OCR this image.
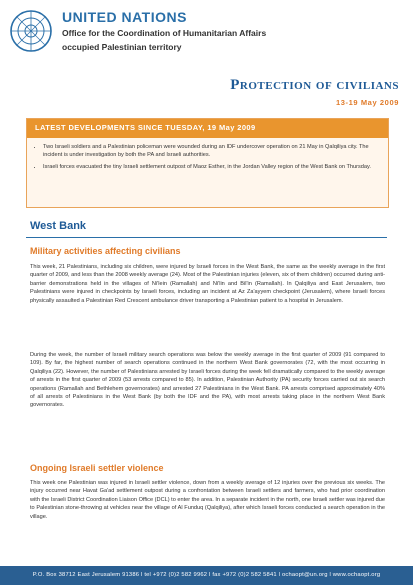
UNITED NATIONS
Office for the Coordination of Humanitarian Affairs
occupied Palestinian territory
Protection of civilians
13-19 May 2009
LATEST DEVELOPMENTS SINCE TUESDAY, 19 May 2009
• Two Israeli soldiers and a Palestinian policeman were wounded during an IDF undercover operation on 21 May in Qalqiliya city. The incident is under investigation by both the PA and Israeli authorities.
• Israeli forces evacuated the tiny Israeli settlement outpost of Maoz Esther, in the Jordan Valley region of the West Bank on Thursday.
West Bank
Military activities affecting civilians

This week, 21 Palestinians, including six children, were injured by Israeli forces in the West Bank, the same as the weekly average in the first quarter of 2009, and less than the 2008 weekly average (24). Most of the Palestinian injuries (eleven, six of them children) occurred during anti-barrier demonstrations held in the villages of Ni'lein (Ramallah) and Ni'lin and Bil'in (Ramallah). In Qalqiliya and East Jerusalem, two Palestinians were injured in checkpoints by Israeli forces, including an incident at Az Za'ayyem checkpoint (Jerusalem), where Israeli forces physically assaulted a Palestinian Red Crescent ambulance driver transporting a Palestinian patient to a hospital in Jerusalem.

During the week, the number of Israeli military search operations was below the weekly average in the first quarter of 2009 (91 compared to 109). By far, the highest number of search operations continued in the northern West Bank governorates (72, with the most occurring in Qalqiliya (22). However, the number of Palestinians arrested by Israeli forces during the week fell dramatically compared to the weekly average of arrests in the first quarter of 2009 (53 arrests compared to 85). In addition, Palestinian Authority (PA) security forces carried out six search operations (Ramallah and Bethlehem governorates) and arrested 27 Palestinians in the West Bank. PA arrests comprised approximately 40% of all arrests of Palestinians in the West Bank (by both the IDF and the PA), with most arrests taking place in the northern West Bank governorates.

Ongoing Israeli settler violence

This week one Palestinian was injured in Israeli settler violence, down from a weekly average of 12 injuries over the previous six weeks. The injury occurred near Havat Ga'ad settlement outpost during a confrontation between Israeli settlers and farmers, who had prior coordination with the Israeli District Coordination Liaison Office (DCL) to enter the area. In a separate incident in the north, one Israeli settler was injured due to Palestinian stone-throwing at vehicles near the village of Al Funduq (Qalqiliya), after which Israeli forces conducted a search operation in the village.

P.O. Box 38712 East Jerusalem 91386 l tel +972 (0)2 582 9962 l fax +972 (0)2 582 5841 l ochaopt@un.org l www.ochaopt.org
